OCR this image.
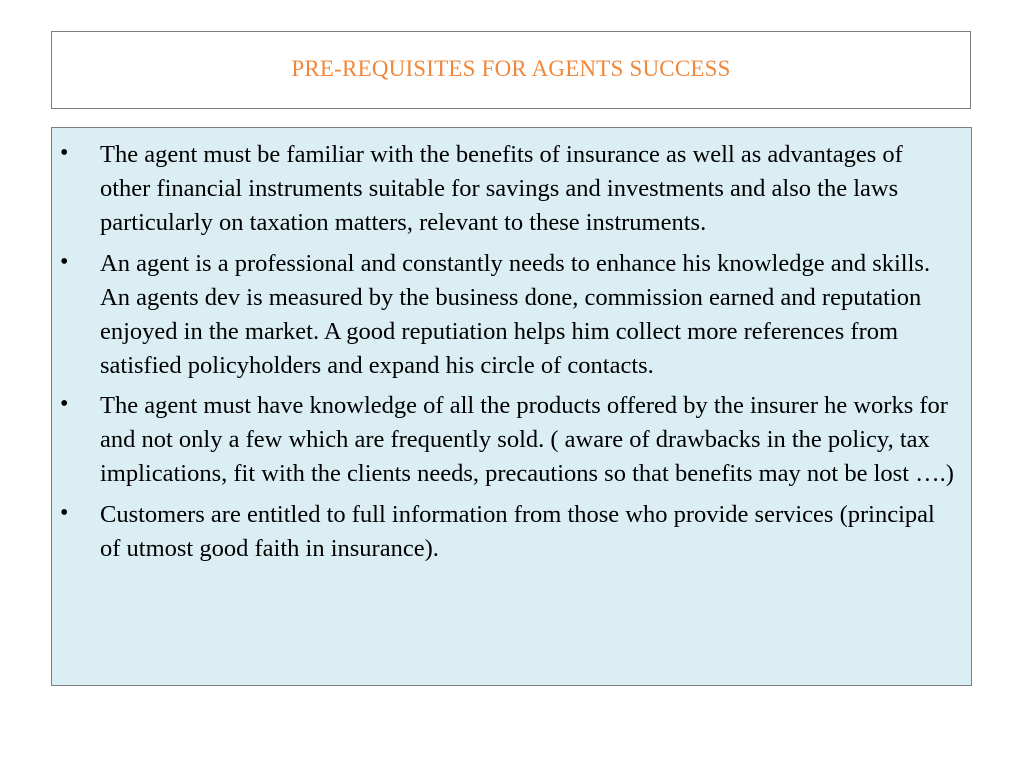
PRE-REQUISITES FOR AGENTS SUCCESS
• The agent must be familiar with the benefits of insurance as well as advantages of other financial instruments suitable for savings and investments and also the laws particularly on taxation matters, relevant to these instruments.
• An agent is a professional and constantly needs to enhance his knowledge and skills. An agents dev is measured by the business done, commission earned and reputation enjoyed in the market. A good reputiation helps him collect more references from satisfied policyholders and expand his circle of contacts.
• The agent must have knowledge of all the products offered by the insurer he works for and not only a few which are frequently sold. ( aware of drawbacks in the policy, tax implications, fit with the clients needs, precautions so that benefits may not be lost ….)
• Customers are entitled to full information from those who provide services (principal of utmost good faith in insurance).
